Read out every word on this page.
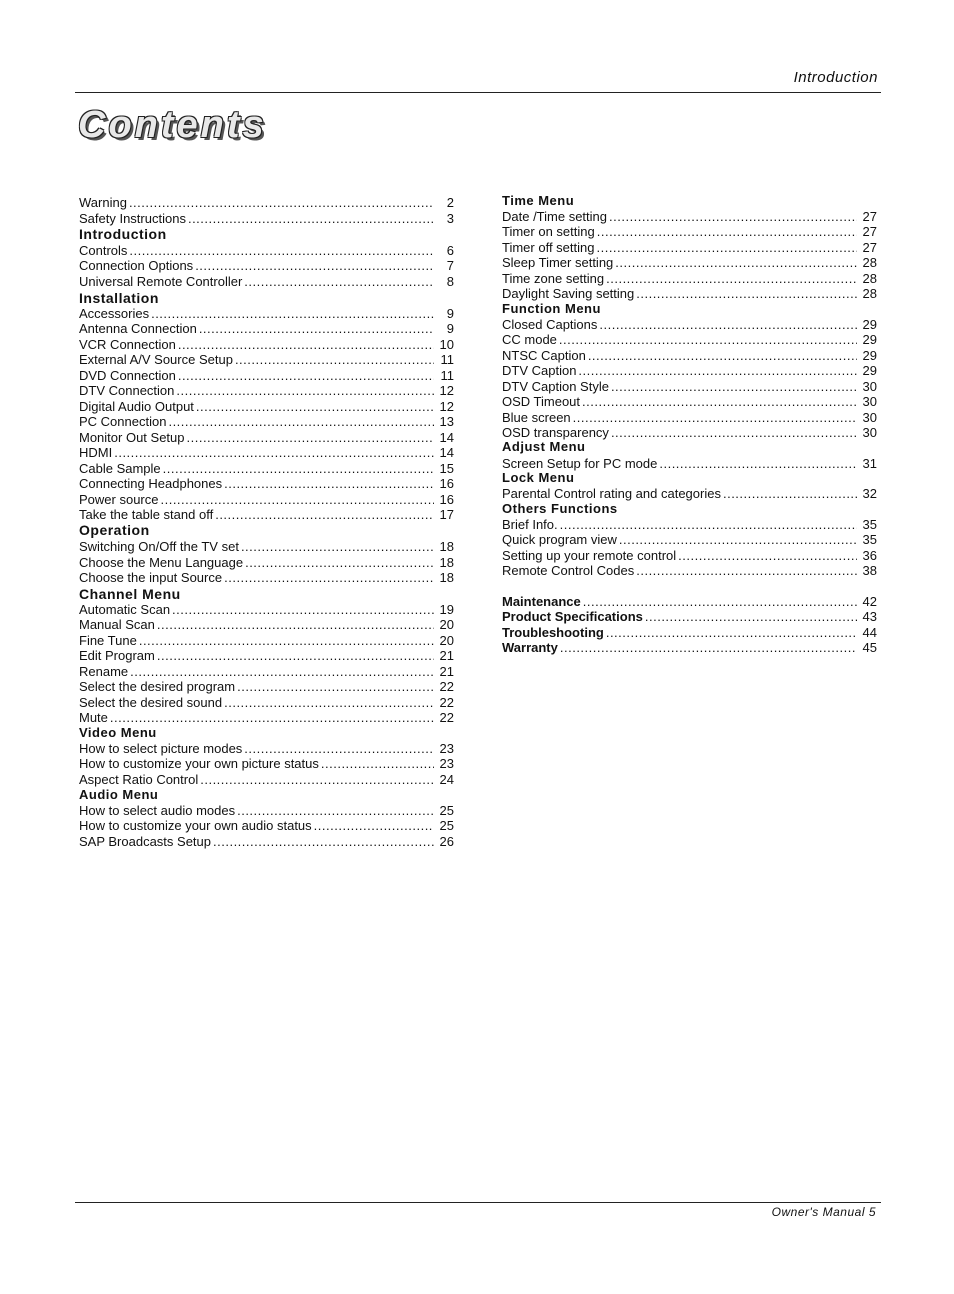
Introduction
Contents
Warning .....	2
Safety Instructions .....	3
Introduction
Controls .....	6
Connection Options .....	7
Universal Remote Controller .....	8
Installation
Accessories .....	9
Antenna Connection .....	9
VCR Connection .....	10
External A/V Source Setup .....	11
DVD Connection .....	11
DTV Connection .....	12
Digital Audio Output .....	12
PC Connection .....	13
Monitor Out Setup .....	14
HDMI .....	14
Cable Sample .....	15
Connecting Headphones .....	16
Power source .....	16
Take the table stand off .....	17
Operation
Switching On/Off the TV set .....	18
Choose the Menu Language .....	18
Choose the input Source .....	18
Channel Menu
Automatic Scan .....	19
Manual Scan .....	20
Fine Tune .....	20
Edit Program .....	21
Rename .....	21
Select the desired program .....	22
Select the desired sound .....	22
Mute .....	22
Video Menu
How to select picture modes .....	23
How to customize your own picture status .....	23
Aspect Ratio Control .....	24
Audio Menu
How to select audio modes .....	25
How to customize your own audio status .....	25
SAP Broadcasts Setup .....	26
Time Menu
Date /Time setting .....	27
Timer on setting .....	27
Timer off setting .....	27
Sleep Timer setting .....	28
Time zone setting .....	28
Daylight Saving setting .....	28
Function Menu
Closed Captions .....	29
CC mode .....	29
NTSC Caption .....	29
DTV Caption .....	29
DTV Caption Style .....	30
OSD Timeout .....	30
Blue screen .....	30
OSD transparency .....	30
Adjust Menu
Screen Setup for PC mode .....	31
Lock Menu
Parental Control rating and categories .....	32
Others Functions
Brief Info. .....	35
Quick program view .....	35
Setting up your remote control .....	36
Remote Control Codes .....	38
Maintenance .....	42
Product Specifications .....	43
Troubleshooting .....	44
Warranty .....	45
Owner's Manual 5
